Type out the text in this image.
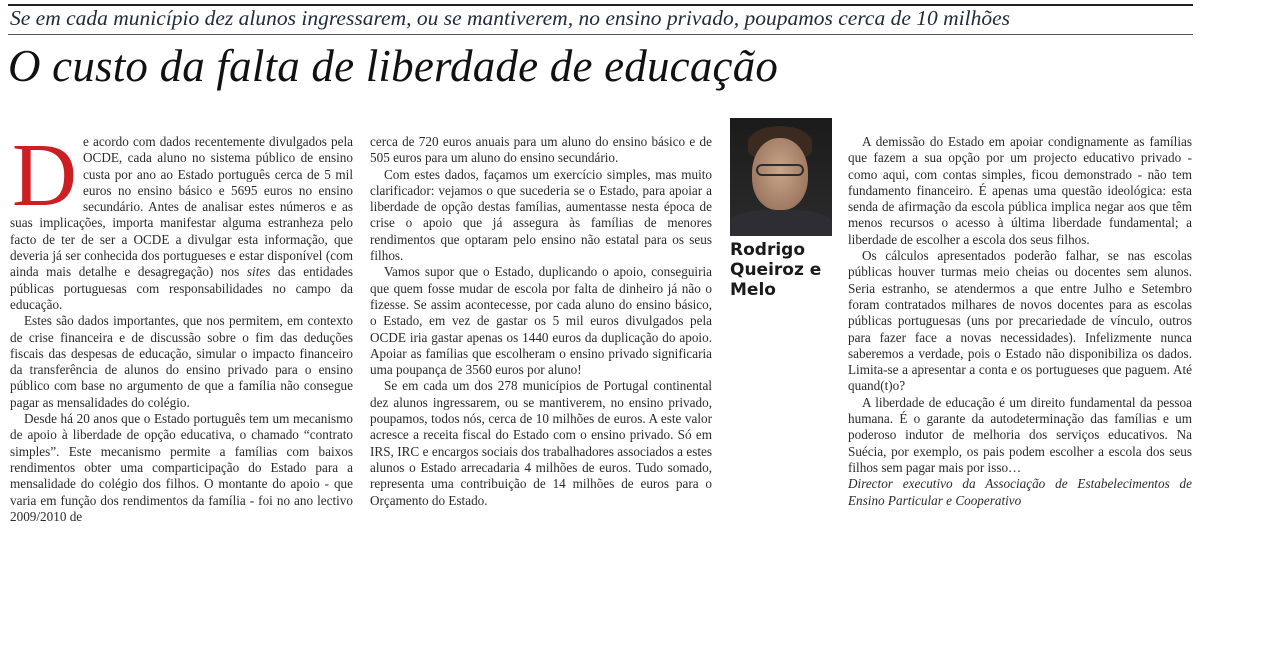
Se em cada município dez alunos ingressarem, ou se mantiverem, no ensino privado, poupamos cerca de 10 milhões
O custo da falta de liberdade de educação
D e acordo com dados recentemente divulgados pela OCDE, cada aluno no sistema público de ensino custa por ano ao Estado português cerca de 5 mil euros no ensino básico e 5695 euros no ensino secundário. Antes de analisar estes números e as suas implicações, importa manifestar alguma estranheza pelo facto de ter de ser a OCDE a divulgar esta informação, que deveria já ser conhecida dos portugueses e estar disponível (com ainda mais detalhe e desagregação) nos sites das entidades públicas portuguesas com responsabilidades no campo da educação.

Estes são dados importantes, que nos permitem, em contexto de crise financeira e de discussão sobre o fim das deduções fiscais das despesas de educação, simular o impacto financeiro da transferência de alunos do ensino privado para o ensino público com base no argumento de que a família não consegue pagar as mensalidades do colégio.

Desde há 20 anos que o Estado português tem um mecanismo de apoio à liberdade de opção educativa, o chamado “contrato simples”. Este mecanismo permite a famílias com baixos rendimentos obter uma comparticipação do Estado para a mensalidade do colégio dos filhos. O montante do apoio - que varia em função dos rendimentos da família - foi no ano lectivo 2009/2010 de

cerca de 720 euros anuais para um aluno do ensino básico e de 505 euros para um aluno do ensino secundário.

Com estes dados, façamos um exercício simples, mas muito clarificador: vejamos o que sucederia se o Estado, para apoiar a liberdade de opção destas famílias, aumentasse nesta época de crise o apoio que já assegura às famílias de menores rendimentos que optaram pelo ensino não estatal para os seus filhos.

Vamos supor que o Estado, duplicando o apoio, conseguiria que quem fosse mudar de escola por falta de dinheiro já não o fizesse. Se assim acontecesse, por cada aluno do ensino básico, o Estado, em vez de gastar os 5 mil euros divulgados pela OCDE iria gastar apenas os 1440 euros da duplicação do apoio. Apoiar as famílias que escolheram o ensino privado significaria uma poupança de 3560 euros por aluno!

Se em cada um dos 278 municípios de Portugal continental dez alunos ingressarem, ou se mantiverem, no ensino privado, poupamos, todos nós, cerca de 10 milhões de euros. A este valor acresce a receita fiscal do Estado com o ensino privado. Só em IRS, IRC e encargos sociais dos trabalhadores associados a estes alunos o Estado arrecadaria 4 milhões de euros. Tudo somado, representa uma contribuição de 14 milhões de euros para o Orçamento do Estado.

Rodrigo
Queiroz e
Melo

A demissão do Estado em apoiar condignamente as famílias que fazem a sua opção por um projecto educativo privado - como aqui, com contas simples, ficou demonstrado - não tem fundamento financeiro. É apenas uma questão ideológica: esta senda de afirmação da escola pública implica negar aos que têm menos recursos o acesso à última liberdade fundamental; a liberdade de escolher a escola dos seus filhos.

Os cálculos apresentados poderão falhar, se nas escolas públicas houver turmas meio cheias ou docentes sem alunos. Seria estranho, se atendermos a que entre Julho e Setembro foram contratados milhares de novos docentes para as escolas públicas portuguesas (uns por precariedade de vínculo, outros para fazer face a novas necessidades). Infelizmente nunca saberemos a verdade, pois o Estado não disponibiliza os dados. Limita-se a apresentar a conta e os portugueses que paguem. Até quand(t)o?

A liberdade de educação é um direito fundamental da pessoa humana. É o garante da autodeterminação das famílias e um poderoso indutor de melhoria dos serviços educativos. Na Suécia, por exemplo, os pais podem escolher a escola dos seus filhos sem pagar mais por isso…

Director executivo da Associação de Estabelecimentos de Ensino Particular e Cooperativo
